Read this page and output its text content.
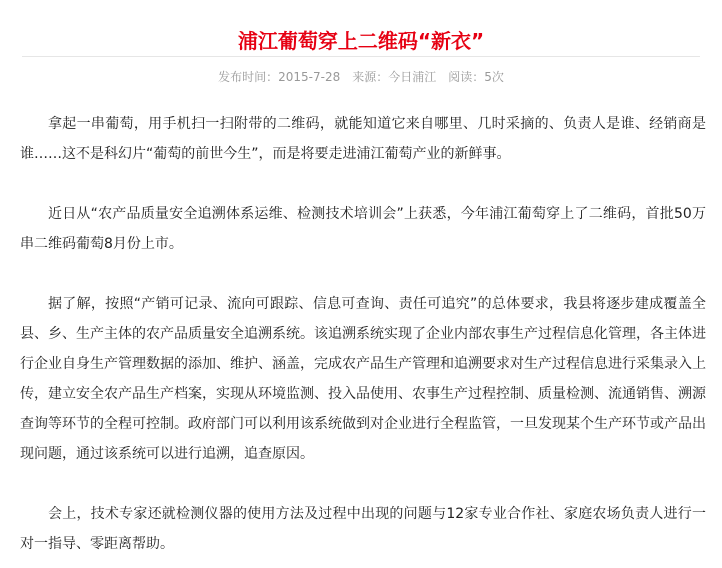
浦江葡萄穿上二维码“新衣”
发布时间：2015-7-28 来源：今日浦江 阅读：5次

拿起一串葡萄，用手机扫一扫附带的二维码，就能知道它来自哪里、几时采摘的、负责人是谁、经销商是谁……这不是科幻片“葡萄的前世今生”，而是将要走进浦江葡萄产业的新鲜事。

近日从“农产品质量安全追溯体系运维、检测技术培训会”上获悉，今年浦江葡萄穿上了二维码，首批50万串二维码葡萄8月份上市。

据了解，按照“产销可记录、流向可跟踪、信息可查询、责任可追究”的总体要求，我县将逐步建成覆盖全县、乡、生产主体的农产品质量安全追溯系统。该追溯系统实现了企业内部农事生产过程信息化管理，各主体进行企业自身生产管理数据的添加、维护、涵盖，完成农产品生产管理和追溯要求对生产过程信息进行采集录入上传，建立安全农产品生产档案，实现从环境监测、投入品使用、农事生产过程控制、质量检测、流通销售、溯源查询等环节的全程可控制。政府部门可以利用该系统做到对企业进行全程监管，一旦发现某个生产环节或产品出现问题，通过该系统可以进行追溯，追查原因。

会上，技术专家还就检测仪器的使用方法及过程中出现的问题与12家专业合作社、家庭农场负责人进行一对一指导、零距离帮助。
